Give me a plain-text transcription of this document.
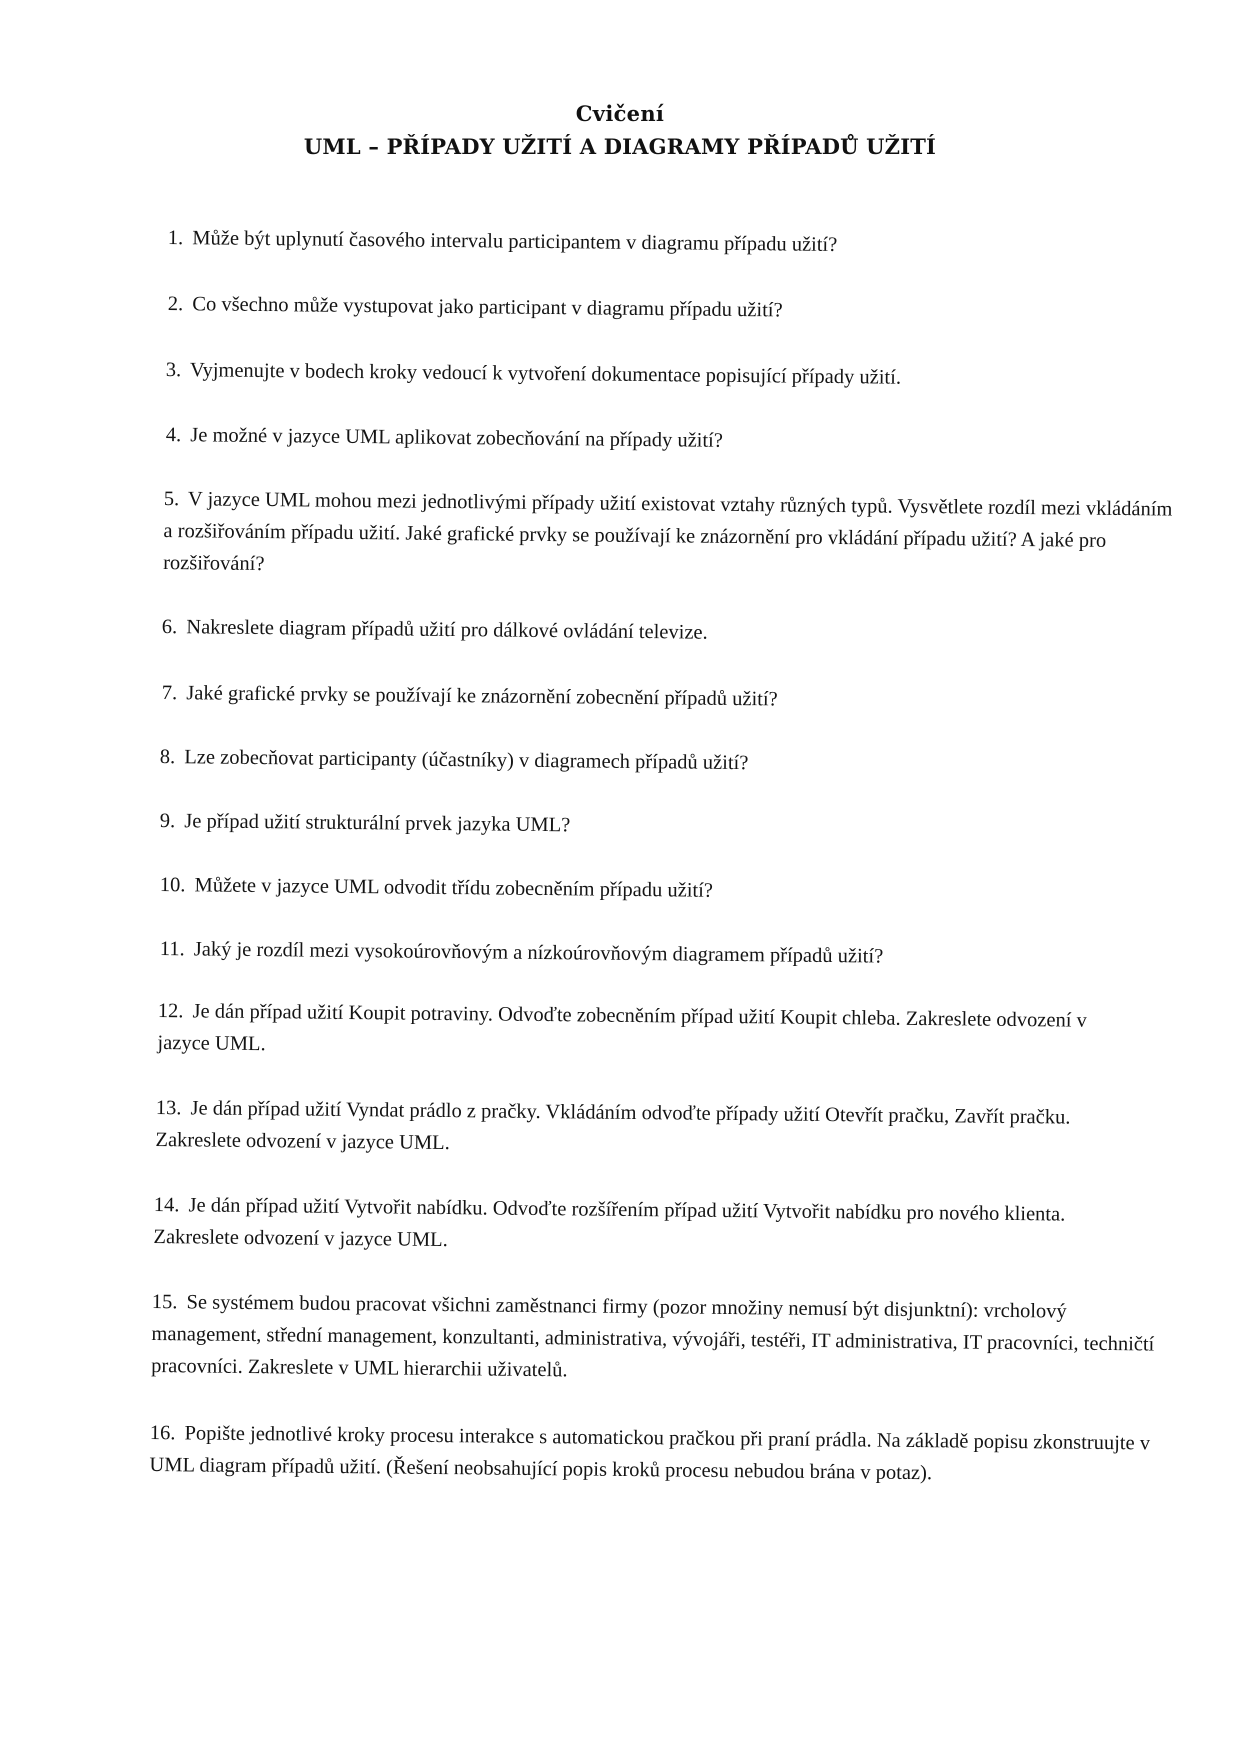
Cvičení
UML – PŘÍPADY UŽITÍ A DIAGRAMY PŘÍPADŮ UŽITÍ
1. Může být uplynutí časového intervalu participantem v diagramu případu užití?
2. Co všechno může vystupovat jako participant v diagramu případu užití?
3. Vyjmenujte v bodech kroky vedoucí k vytvoření dokumentace popisující případy užití.
4. Je možné v jazyce UML aplikovat zobecňování na případy užití?
5. V jazyce UML mohou mezi jednotlivými případy užití existovat vztahy různých typů. Vysvětlete rozdíl mezi vkládáním a rozšiřováním případu užití. Jaké grafické prvky se používají ke znázornění pro vkládání případu užití? A jaké pro rozšiřování?
6. Nakreslete diagram případů užití pro dálkové ovládání televize.
7. Jaké grafické prvky se používají ke znázornění zobecnění případů užití?
8. Lze zobecňovat participanty (účastníky) v diagramech případů užití?
9. Je případ užití strukturální prvek jazyka UML?
10. Můžete v jazyce UML odvodit třídu zobecněním případu užití?
11. Jaký je rozdíl mezi vysokoúrovňovým a nízkoúrovňovým diagramem případů užití?
12. Je dán případ užití Koupit potraviny. Odvoďte zobecněním případ užití Koupit chleba. Zakreslete odvození v jazyce UML.
13. Je dán případ užití Vyndat prádlo z pračky. Vkládáním odvoďte případy užití Otevřít pračku, Zavřít pračku. Zakreslete odvození v jazyce UML.
14. Je dán případ užití Vytvořit nabídku. Odvoďte rozšířením případ užití Vytvořit nabídku pro nového klienta. Zakreslete odvození v jazyce UML.
15. Se systémem budou pracovat všichni zaměstnanci firmy (pozor množiny nemusí být disjunktní): vrcholový management, střední management, konzultanti, administrativa, vývojáři, testéři, IT administrativa, IT pracovníci, techničtí pracovníci. Zakreslete v UML hierarchii uživatelů.
16. Popište jednotlivé kroky procesu interakce s automatickou pračkou při praní prádla. Na základě popisu zkonstruujte v UML diagram případů užití. (Řešení neobsahující popis kroků procesu nebudou brána v potaz).
